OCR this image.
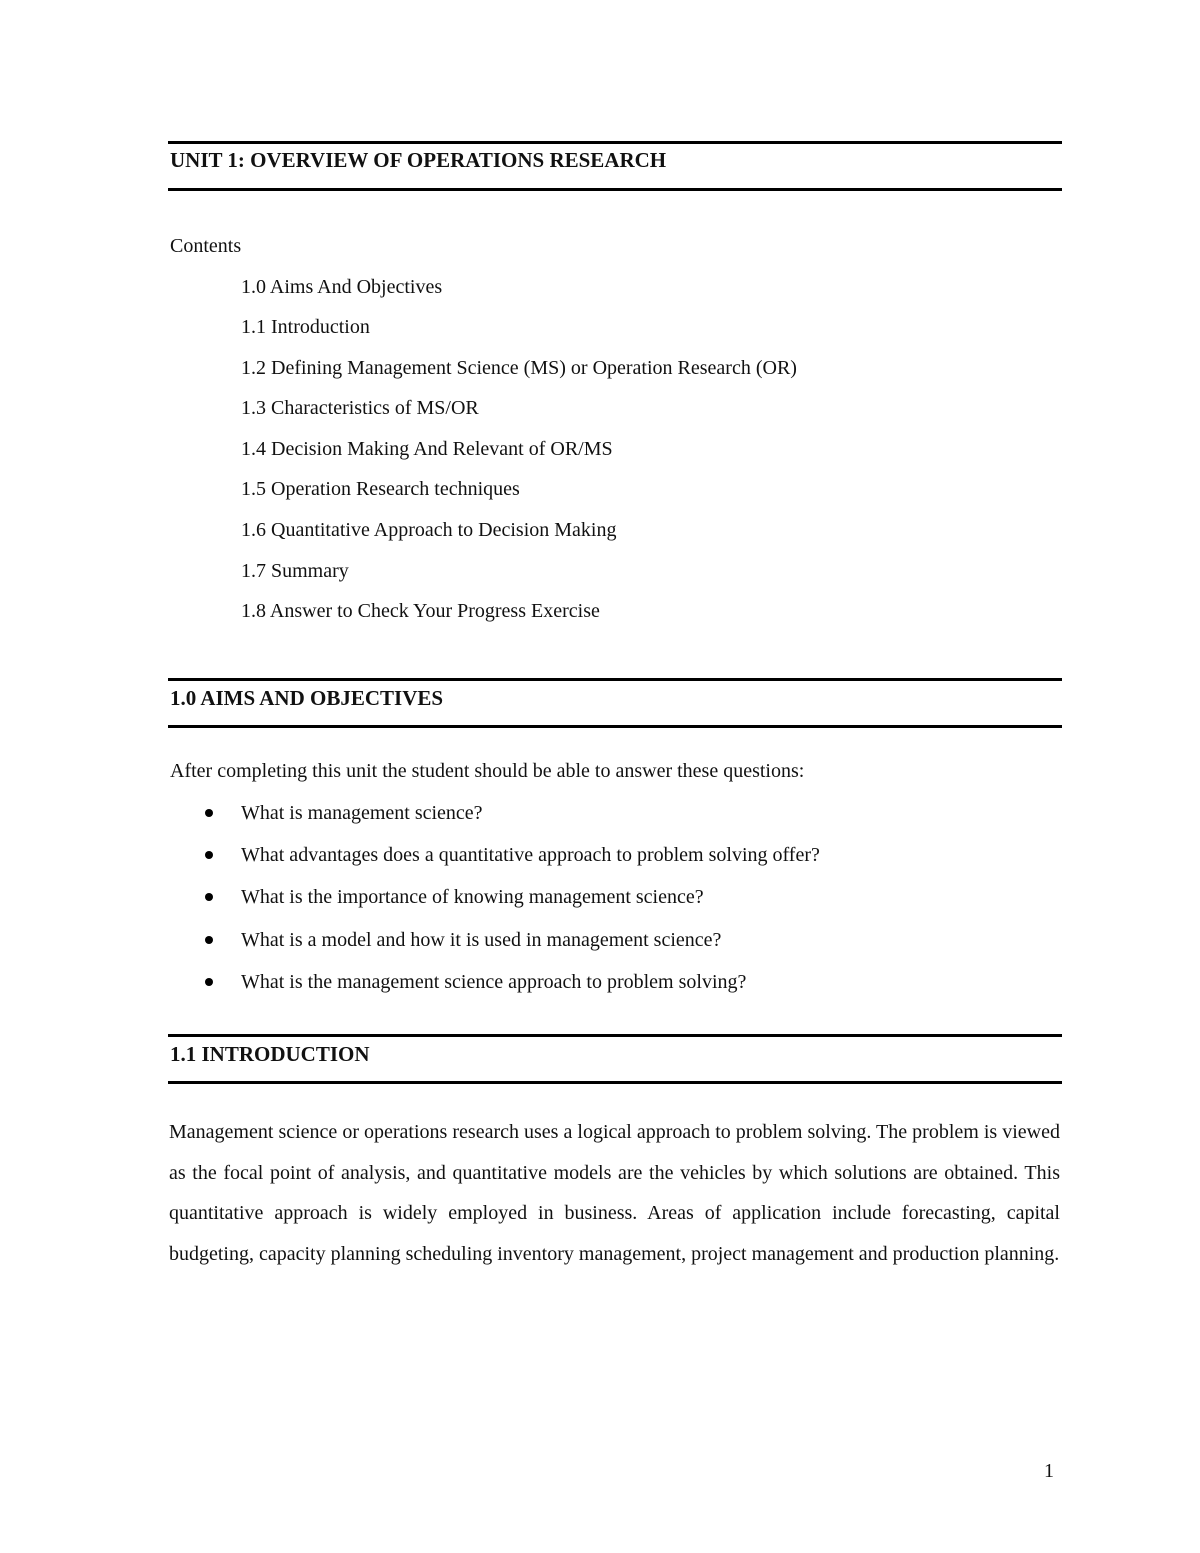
UNIT 1: OVERVIEW OF OPERATIONS RESEARCH
Contents
1.0 Aims And Objectives
1.1 Introduction
1.2 Defining Management Science (MS) or Operation Research (OR)
1.3 Characteristics of MS/OR
1.4 Decision Making And Relevant of OR/MS
1.5 Operation Research techniques
1.6 Quantitative Approach to Decision Making
1.7 Summary
1.8 Answer to Check Your Progress Exercise
1.0 AIMS AND OBJECTIVES
After completing this unit the student should be able to answer these questions:
What is management science?
What advantages does a quantitative approach to problem solving offer?
What is the importance of knowing management science?
What is a model and how it is used in management science?
What is the management science approach to problem solving?
1.1 INTRODUCTION
Management science or operations research uses a logical approach to problem solving. The problem is viewed as the focal point of analysis, and quantitative models are the vehicles by which solutions are obtained. This quantitative approach is widely employed in business. Areas of application include forecasting, capital budgeting, capacity planning scheduling inventory management, project management and production planning.
1
